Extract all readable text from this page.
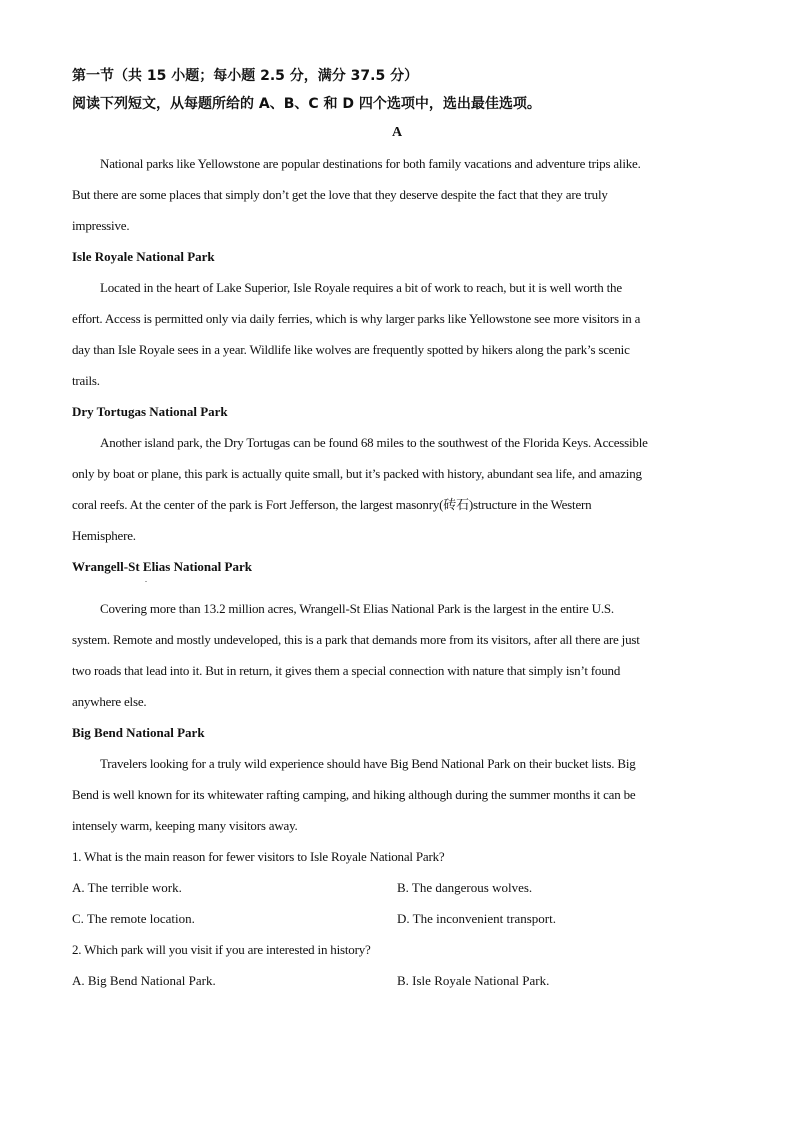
第一节（共 15 小题；每小题 2.5 分，满分 37.5 分）
阅读下列短文，从每题所给的 A、B、C 和 D 四个选项中，选出最佳选项。
A
National parks like Yellowstone are popular destinations for both family vacations and adventure trips alike.
But there are some places that simply don’t get the love that they deserve despite the fact that they are truly
impressive.
Isle Royale National Park
Located in the heart of Lake Superior, Isle Royale requires a bit of work to reach, but it is well worth the
effort. Access is permitted only via daily ferries, which is why larger parks like Yellowstone see more visitors in a
day than Isle Royale sees in a year. Wildlife like wolves are frequently spotted by hikers along the park’s scenic
trails.
Dry Tortugas National Park
Another island park, the Dry Tortugas can be found 68 miles to the southwest of the Florida Keys. Accessible
only by boat or plane, this park is actually quite small, but it’s packed with history, abundant sea life, and amazing
coral reefs. At the center of the park is Fort Jefferson, the largest masonry(砖石)structure in the Western
Hemisphere.
Wrangell-St Elias National Park
.
Covering more than 13.2 million acres, Wrangell-St Elias National Park is the largest in the entire U.S.
system. Remote and mostly undeveloped, this is a park that demands more from its visitors, after all there are just
two roads that lead into it. But in return, it gives them a special connection with nature that simply isn’t found
anywhere else.
Big Bend National Park
Travelers looking for a truly wild experience should have Big Bend National Park on their bucket lists. Big
Bend is well known for its whitewater rafting camping, and hiking although during the summer months it can be
intensely warm, keeping many visitors away.
1. What is the main reason for fewer visitors to Isle Royale National Park?
A. The terrible work.	B. The dangerous wolves.
C. The remote location.	D. The inconvenient transport.
2. Which park will you visit if you are interested in history?
A. Big Bend National Park.	B. Isle Royale National Park.
